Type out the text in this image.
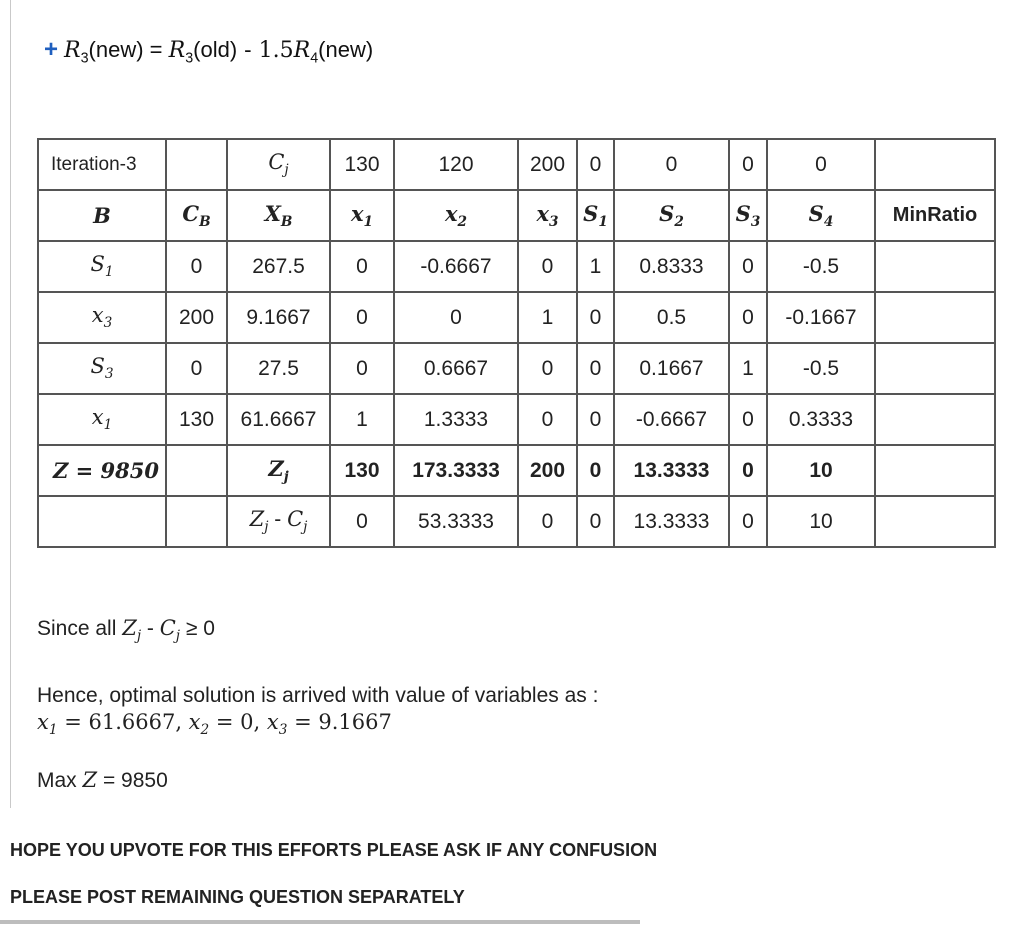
+ $R_3(new) = R_3(old) - 1.5R_4(new)$
Iteration-3		$C_j$	130	120	200	0	0	0	0	
B	$C_B$	$X_B$	$x_1$	$x_2$	$x_3$	$S_1$	$S_2$	$S_3$	$S_4$	MinRatio
$S_1$	0	267.5	0	-0.6667	0	1	0.8333	0	-0.5	
$x_3$	200	9.1667	0	0	1	0	0.5	0	-0.1667	
$S_3$	0	27.5	0	0.6667	0	0	0.1667	1	-0.5	
$x_1$	130	61.6667	1	1.3333	0	0	-0.6667	0	0.3333	
Z = 9850		$Z_j$	130	173.3333	200	0	13.3333	0	10	
		$Z_j - C_j$	0	53.3333	0	0	13.3333	0	10	
Since all $Z_j - C_j \ge 0$
Hence, optimal solution is arrived with value of variables as :
$x_1 = 61.6667$, $x_2 = 0$, $x_3 = 9.1667$
Max Z = 9850
HOPE YOU UPVOTE FOR THIS EFFORTS PLEASE ASK IF ANY CONFUSION
PLEASE POST REMAINING QUESTION SEPARATELY
